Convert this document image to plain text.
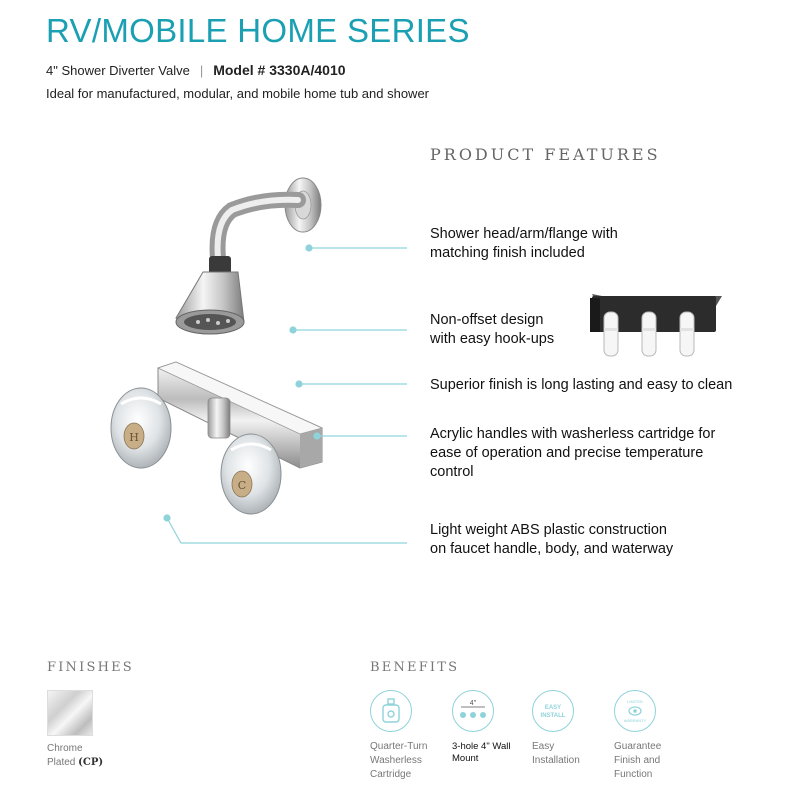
RV/MOBILE HOME SERIES
4" Shower Diverter Valve | Model # 3330A/4010
Ideal for manufactured, modular, and mobile home tub and shower
PRODUCT FEATURES
H
C
Shower head/arm/flange with
matching finish included
Non-offset design
with easy hook-ups
Superior finish is long lasting and easy to clean
Acrylic handles with washerless cartridge for
ease of operation and precise temperature
control
Light weight ABS plastic construction
on faucet handle, body, and waterway
FINISHES
Chrome
Plated (CP)
BENEFITS
Quarter-Turn
Washerless
Cartridge
4"
3-hole 4" Wall
Mount
EASY
INSTALL
Easy
Installation
LIMITED
WARRANTY
Guarantee
Finish and
Function
